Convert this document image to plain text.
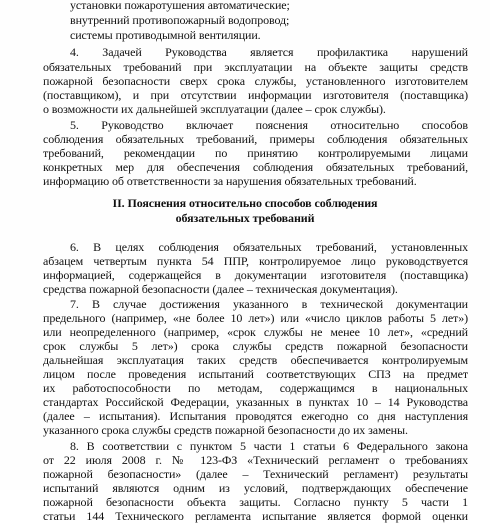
установки пожаротушения автоматические;

внутренний противопожарный водопровод;

системы противодымной вентиляции.

4. Задачей Руководства является профилактика нарушений

обязательных требований при эксплуатации на объекте защиты средств

пожарной безопасности сверх срока службы, установленного изготовителем

(поставщиком), и при отсутствии информации изготовителя (поставщика)

о возможности их дальнейшей эксплуатации (далее – срок службы).

5. Руководство включает пояснения относительно способов

соблюдения обязательных требований, примеры соблюдения обязательных

требований, рекомендации по принятию контролируемыми лицами

конкретных мер для обеспечения соблюдения обязательных требований,

информацию об ответственности за нарушения обязательных требований.

II. Пояснения относительно способов соблюдения

обязательных требований

6. В целях соблюдения обязательных требований, установленных

абзацем четвертым пункта 54 ППР, контролируемое лицо руководствуется

информацией, содержащейся в документации изготовителя (поставщика)

средства пожарной безопасности (далее – техническая документация).

7. В случае достижения указанного в технической документации

предельного (например, «не более 10 лет») или «число циклов работы 5 лет»)

или неопределенного (например, «срок службы не менее 10 лет», «средний

срок службы 5 лет») срока службы средств пожарной безопасности

дальнейшая эксплуатация таких средств обеспечивается контролируемым

лицом после проведения испытаний соответствующих СПЗ на предмет

их работоспособности по методам, содержащимся в национальных

стандартах Российской Федерации, указанных в пунктах 10 – 14 Руководства

(далее – испытания). Испытания проводятся ежегодно со дня наступления

указанного срока службы средств пожарной безопасности до их замены.

8. В соответствии с пунктом 5 части 1 статьи 6 Федерального закона

от 22 июля 2008 г. № 123-ФЗ «Технический регламент о требованиях

пожарной безопасности» (далее – Технический регламент) результаты

испытаний являются одним из условий, подтверждающих обеспечение

пожарной безопасности объекта защиты. Согласно пункту 5 части 1

статьи 144 Технического регламента испытание является формой оценки
